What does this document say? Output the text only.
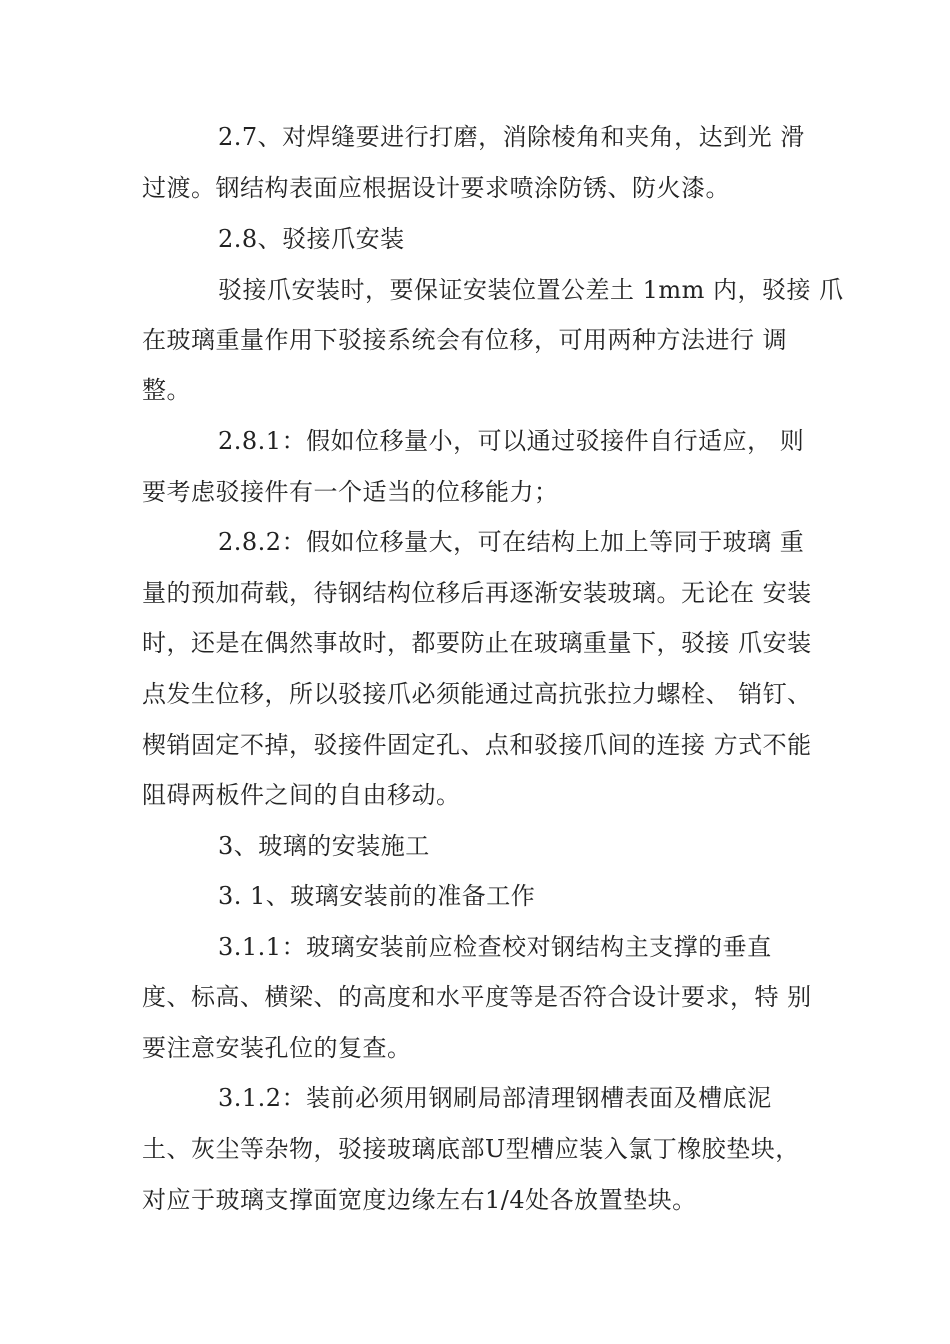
2.7、对焊缝要进行打磨，消除棱角和夹角，达到光 滑
过渡。钢结构表面应根据设计要求喷涂防锈、防火漆。
2.8、驳接爪安装
驳接爪安装时，要保证安装位置公差土 1mm 内，驳接 爪
在玻璃重量作用下驳接系统会有位移，可用两种方法进行 调
整。
2.8.1：假如位移量小，可以通过驳接件自行适应， 则
要考虑驳接件有一个适当的位移能力；
2.8.2：假如位移量大，可在结构上加上等同于玻璃 重
量的预加荷载，待钢结构位移后再逐渐安装玻璃。无论在 安装
时，还是在偶然事故时，都要防止在玻璃重量下，驳接 爪安装
点发生位移，所以驳接爪必须能通过高抗张拉力螺栓、 销钉、
楔销固定不掉，驳接件固定孔、点和驳接爪间的连接 方式不能
阻碍两板件之间的自由移动。
3、玻璃的安装施工
3. 1、玻璃安装前的准备工作
3.1.1：玻璃安装前应检查校对钢结构主支撑的垂直
度、标高、横梁、的高度和水平度等是否符合设计要求，特 别
要注意安装孔位的复查。
3.1.2：装前必须用钢刷局部清理钢槽表面及槽底泥
土、灰尘等杂物，驳接玻璃底部U型槽应装入氯丁橡胶垫块，
对应于玻璃支撑面宽度边缘左右1/4处各放置垫块。
